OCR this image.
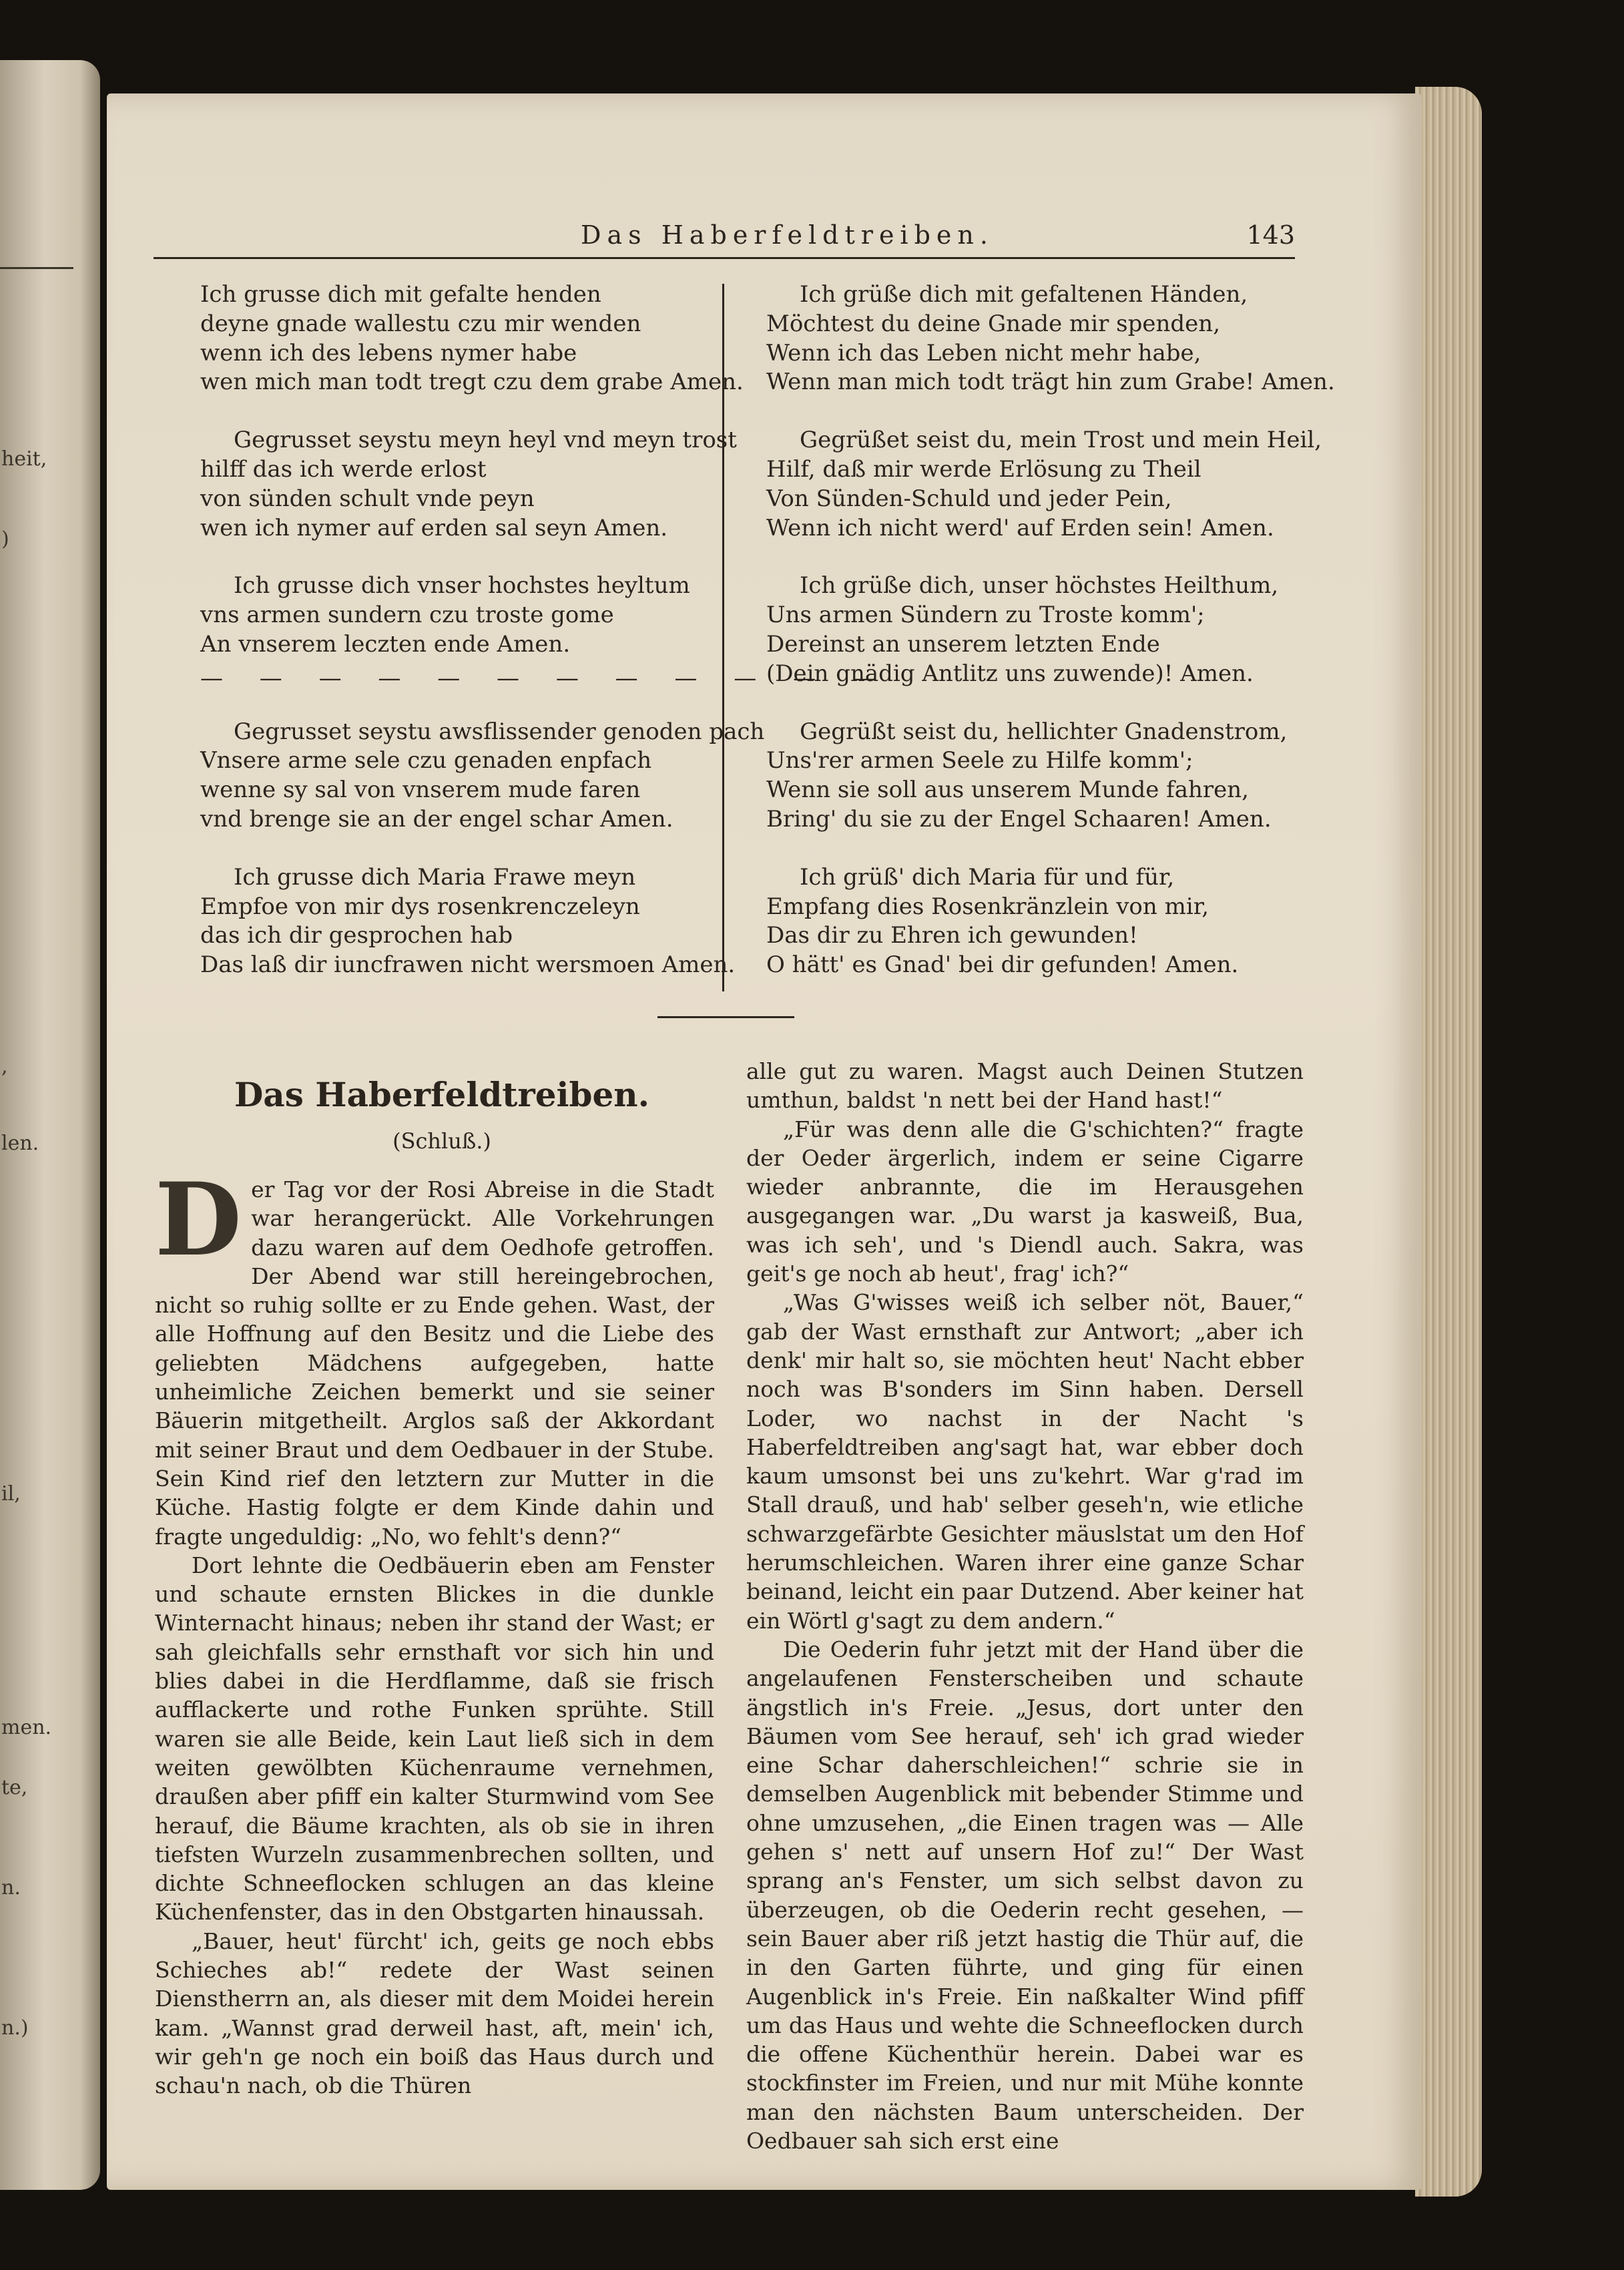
heit,
)
,
len.
il,
men.
te,
n.
n.)
Das Haberfeldtreiben.	143
Ich grusse dich mit gefalte henden
deyne gnade wallestu czu mir wenden
wenn ich des lebens nymer habe
wen mich man todt tregt czu dem grabe Amen.
Gegrusset seystu meyn heyl vnd meyn trost
hilff das ich werde erlost
von sünden schult vnde peyn
wen ich nymer auf erden sal seyn Amen.
Ich grusse dich vnser hochstes heyltum
vns armen sundern czu troste gome
An vnserem leczten ende Amen.
— — — — — — — — — — — —
Gegrusset seystu awsflissender genoden pach
Vnsere arme sele czu genaden enpfach
wenne sy sal von vnserem mude faren
vnd brenge sie an der engel schar Amen.
Ich grusse dich Maria Frawe meyn
Empfoe von mir dys rosenkrenczeleyn
das ich dir gesprochen hab
Das laß dir iuncfrawen nicht wersmoen Amen.
Ich grüße dich mit gefaltenen Händen,
Möchtest du deine Gnade mir spenden,
Wenn ich das Leben nicht mehr habe,
Wenn man mich todt trägt hin zum Grabe! Amen.
Gegrüßet seist du, mein Trost und mein Heil,
Hilf, daß mir werde Erlösung zu Theil
Von Sünden-Schuld und jeder Pein,
Wenn ich nicht werd' auf Erden sein! Amen.
Ich grüße dich, unser höchstes Heilthum,
Uns armen Sündern zu Troste komm';
Dereinst an unserem letzten Ende
(Dein gnädig Antlitz uns zuwende)! Amen.
Gegrüßt seist du, hellichter Gnadenstrom,
Uns'rer armen Seele zu Hilfe komm';
Wenn sie soll aus unserem Munde fahren,
Bring' du sie zu der Engel Schaaren! Amen.
Ich grüß' dich Maria für und für,
Empfang dies Rosenkränzlein von mir,
Das dir zu Ehren ich gewunden!
O hätt' es Gnad' bei dir gefunden! Amen.
Das Haberfeldtreiben.
(Schluß.)

Der Tag vor der Rosi Abreise in die Stadt war herangerückt. Alle Vorkehrungen dazu waren auf dem Oedhofe getroffen. Der Abend war still hereingebrochen, nicht so ruhig sollte er zu Ende gehen. Wast, der alle Hoffnung auf den Besitz und die Liebe des geliebten Mädchens aufgegeben, hatte unheimliche Zeichen bemerkt und sie seiner Bäuerin mitgetheilt. Arglos saß der Akkordant mit seiner Braut und dem Oedbauer in der Stube. Sein Kind rief den letztern zur Mutter in die Küche. Hastig folgte er dem Kinde dahin und fragte ungeduldig: „No, wo fehlt's denn?“

Dort lehnte die Oedbäuerin eben am Fenster und schaute ernsten Blickes in die dunkle Winternacht hinaus; neben ihr stand der Wast; er sah gleichfalls sehr ernsthaft vor sich hin und blies dabei in die Herdflamme, daß sie frisch aufflackerte und rothe Funken sprühte. Still waren sie alle Beide, kein Laut ließ sich in dem weiten gewölbten Küchenraume vernehmen, draußen aber pfiff ein kalter Sturmwind vom See herauf, die Bäume krachten, als ob sie in ihren tiefsten Wurzeln zusammenbrechen sollten, und dichte Schneeflocken schlugen an das kleine Küchenfenster, das in den Obstgarten hinaussah.

„Bauer, heut' fürcht' ich, geits ge noch ebbs Schieches ab!“ redete der Wast seinen Dienstherrn an, als dieser mit dem Moidei herein kam. „Wannst grad derweil hast, aft, mein' ich, wir geh'n ge noch ein boiß das Haus durch und schau'n nach, ob die Thüren

alle gut zu waren. Magst auch Deinen Stutzen umthun, baldst 'n nett bei der Hand hast!“

„Für was denn alle die G'schichten?“ fragte der Oeder ärgerlich, indem er seine Cigarre wieder anbrannte, die im Herausgehen ausgegangen war. „Du warst ja kasweiß, Bua, was ich seh', und 's Diendl auch. Sakra, was geit's ge noch ab heut', frag' ich?“

„Was G'wisses weiß ich selber nöt, Bauer,“ gab der Wast ernsthaft zur Antwort; „aber ich denk' mir halt so, sie möchten heut' Nacht ebber noch was B'sonders im Sinn haben. Dersell Loder, wo nachst in der Nacht 's Haberfeldtreiben ang'sagt hat, war ebber doch kaum umsonst bei uns zu'kehrt. War g'rad im Stall drauß, und hab' selber geseh'n, wie etliche schwarzgefärbte Gesichter mäuslstat um den Hof herumschleichen. Waren ihrer eine ganze Schar beinand, leicht ein paar Dutzend. Aber keiner hat ein Wörtl g'sagt zu dem andern.“

Die Oederin fuhr jetzt mit der Hand über die angelaufenen Fensterscheiben und schaute ängstlich in's Freie. „Jesus, dort unter den Bäumen vom See herauf, seh' ich grad wieder eine Schar daherschleichen!“ schrie sie in demselben Augenblick mit bebender Stimme und ohne umzusehen, „die Einen tragen was — Alle gehen s' nett auf unsern Hof zu!“ Der Wast sprang an's Fenster, um sich selbst davon zu überzeugen, ob die Oederin recht gesehen, — sein Bauer aber riß jetzt hastig die Thür auf, die in den Garten führte, und ging für einen Augenblick in's Freie. Ein naßkalter Wind pfiff um das Haus und wehte die Schneeflocken durch die offene Küchenthür herein. Dabei war es stockfinster im Freien, und nur mit Mühe konnte man den nächsten Baum unterscheiden. Der Oedbauer sah sich erst eine
